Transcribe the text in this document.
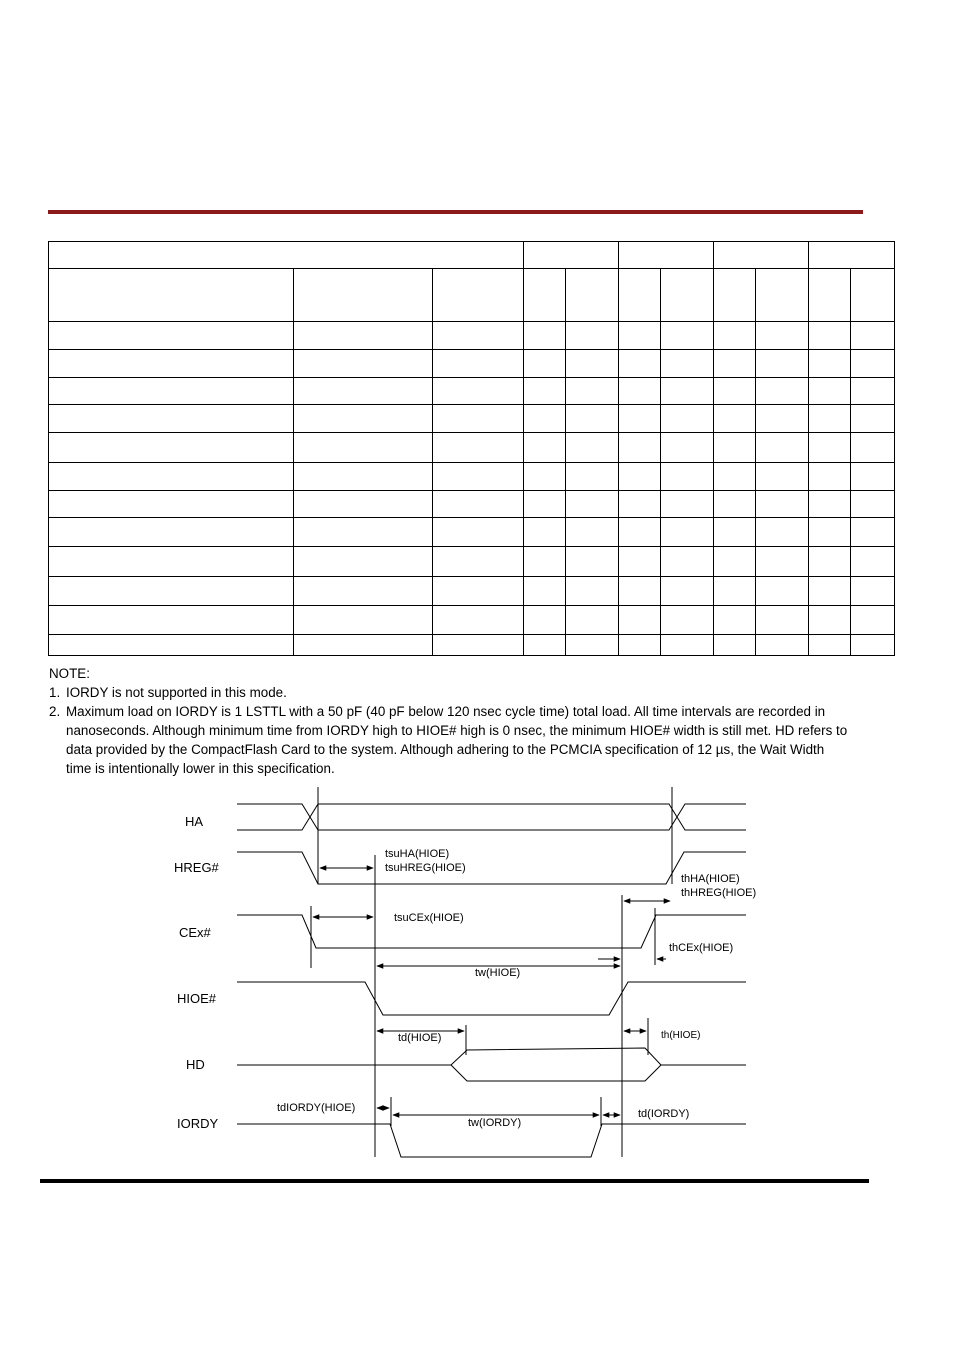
NOTE:
1. IORDY is not supported in this mode.
2. Maximum load on IORDY is 1 LSTTL with a 50 pF (40 pF below 120 nsec cycle time) total load. All time intervals are recorded in nanoseconds. Although minimum time from IORDY high to HIOE# high is 0 nsec, the minimum HIOE# width is still met. HD refers to data provided by the CompactFlash Card to the system. Although adhering to the PCMCIA specification of 12 µs, the Wait Width time is intentionally lower in this specification.
HA
HREG#
CEx#
HIOE#
HD
IORDY
tsuHA(HIOE)
tsuHREG(HIOE)
thHA(HIOE)
thHREG(HIOE)
tsuCEx(HIOE)
thCEx(HIOE)
tw(HIOE)
td(HIOE)	th(HIOE)
tdIORDY(HIOE)
tw(IORDY)
td(IORDY)
